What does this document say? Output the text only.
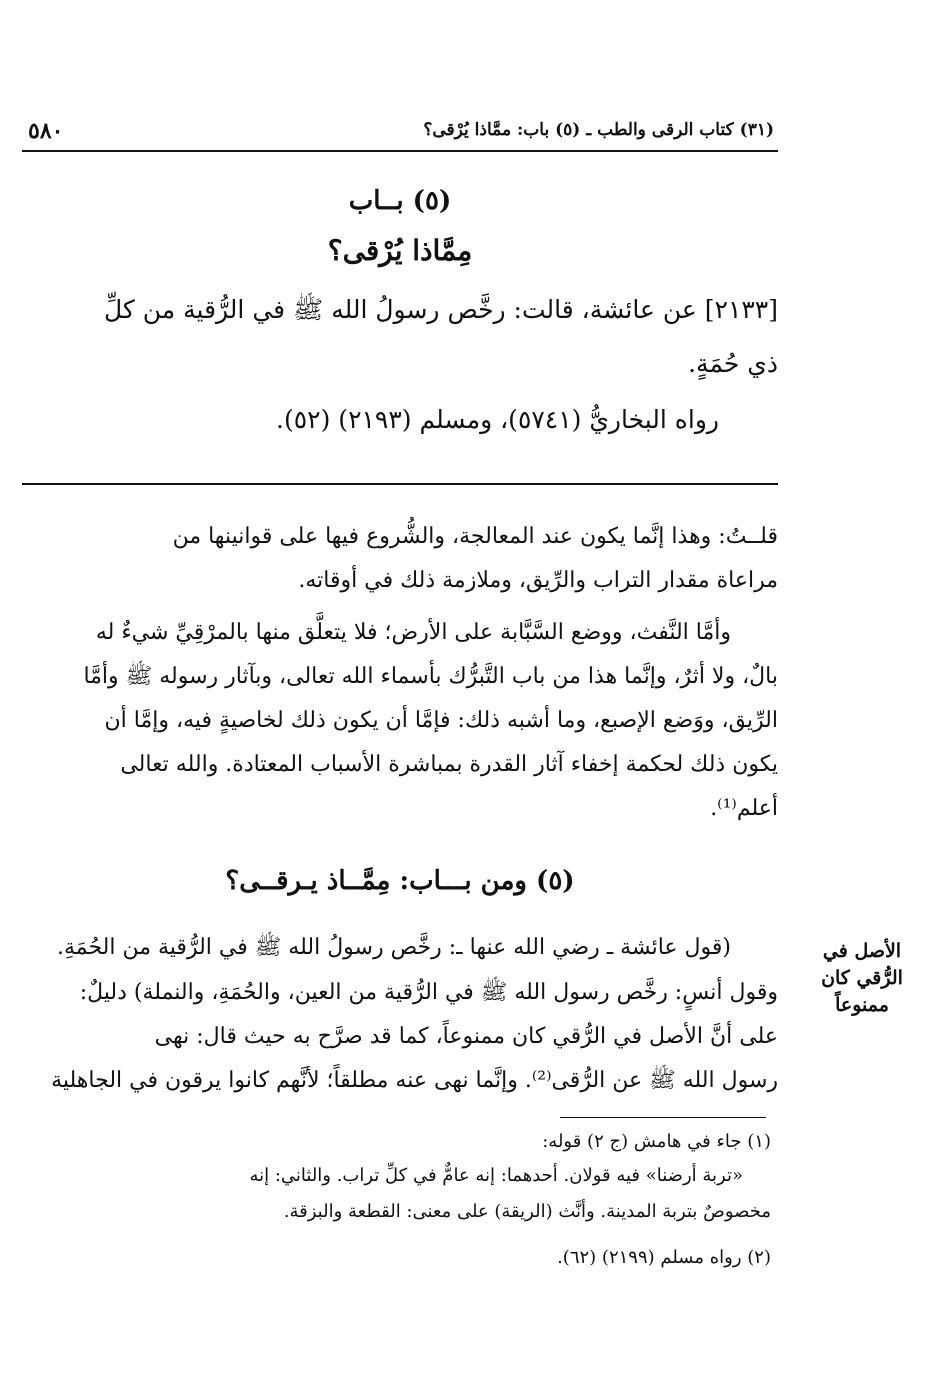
٥٨٠	(٣١) كتاب الرقى والطب ـ (٥) باب: ممَّاذا يُرْقى؟
(٥) بــاب
مِمَّاذا يُرْقى؟
[٢١٣٣] عن عائشة، قالت: رخَّص رسولُ الله ﷺ في الرُّقية من كلِّ
ذي حُمَةٍ.
رواه البخاريُّ (٥٧٤١)، ومسلم (٢١٩٣) (٥٢).
قلــتُ: وهذا إنَّما يكون عند المعالجة، والشُّروع فيها على قوانينها من
مراعاة مقدار التراب والرِّيق، وملازمة ذلك في أوقاته.
وأمَّا النَّفث، ووضع السَّبَّابة على الأرض؛ فلا يتعلَّق منها بالمرْقِيِّ شيءٌ له
بالٌ، ولا أثرٌ، وإنَّما هذا من باب التَّبرُّك بأسماء الله تعالى، وبآثار رسوله ﷺ وأمَّا
الرِّيق، ووَضع الإصبع، وما أشبه ذلك: فإمَّا أن يكون ذلك لخاصيةٍ فيه، وإمَّا أن
يكون ذلك لحكمة إخفاء آثار القدرة بمباشرة الأسباب المعتادة. والله تعالى
أعلم⁽¹⁾.
(٥) ومن بـــاب: مِمَّــاذ يـرقــى؟
الأصل في
الرُّقي كان
ممنوعاً
(قول عائشة ـ رضي الله عنها ـ: رخَّص رسولُ الله ﷺ في الرُّقية من الحُمَةِ.
وقول أنسٍ: رخَّص رسول الله ﷺ في الرُّقية من العين، والحُمَةِ، والنملة) دليلٌ:
على أنَّ الأصل في الرُّقي كان ممنوعاً، كما قد صرَّح به حيث قال: نهى
رسول الله ﷺ عن الرُّقى⁽²⁾. وإنَّما نهى عنه مطلقاً؛ لأنَّهم كانوا يرقون في الجاهلية
(١) جاء في هامش (ج ٢) قوله:
«تربة أرضنا» فيه قولان. أحدهما: إنه عامٌّ في كلِّ تراب. والثاني: إنه
مخصوصٌ بتربة المدينة. وأنَّث (الريقة) على معنى: القطعة والبزقة.
(٢) رواه مسلم (٢١٩٩) (٦٢).
